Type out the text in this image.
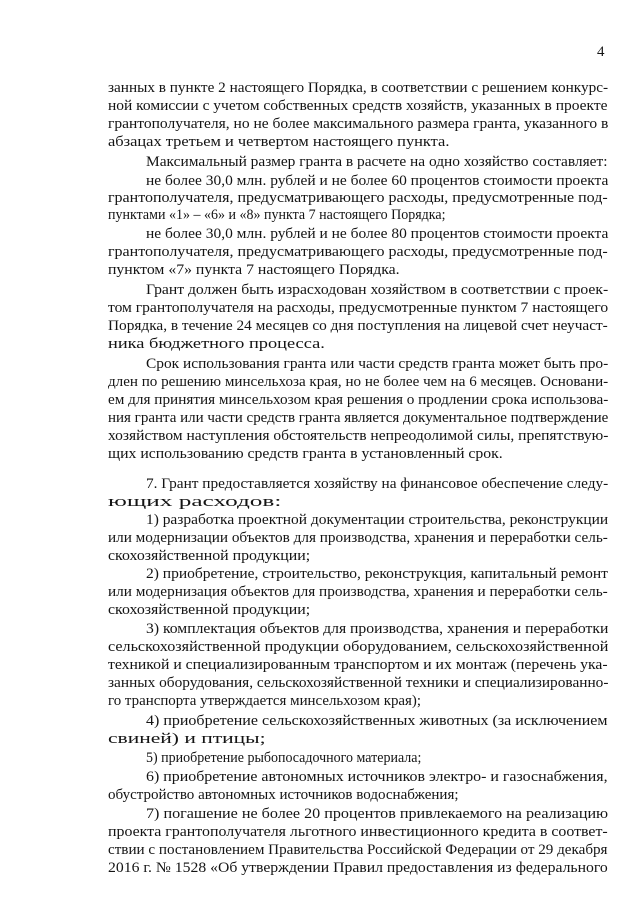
4
занных в пункте 2 настоящего Порядка, в соответствии с решением конкурс-
ной комиссии с учетом собственных средств хозяйств, указанных в проекте
грантополучателя, но не более максимального размера гранта, указанного в
абзацах третьем и четвертом настоящего пункта.
Максимальный размер гранта в расчете на одно хозяйство составляет:
не более 30,0 млн. рублей и не более 60 процентов стоимости проекта
грантополучателя, предусматривающего расходы, предусмотренные под-
пунктами «1» – «6» и «8» пункта 7 настоящего Порядка;
не более 30,0 млн. рублей и не более 80 процентов стоимости проекта
грантополучателя, предусматривающего расходы, предусмотренные под-
пунктом «7» пункта 7 настоящего Порядка.
Грант должен быть израсходован хозяйством в соответствии с проек-
том грантополучателя на расходы, предусмотренные пунктом 7 настоящего
Порядка, в течение 24 месяцев со дня поступления на лицевой счет неучаст-
ника бюджетного процесса.
Срок использования гранта или части средств гранта может быть про-
длен по решению минсельхоза края, но не более чем на 6 месяцев. Основани-
ем для принятия минсельхозом края решения о продлении срока использова-
ния гранта или части средств гранта является документальное подтверждение
хозяйством наступления обстоятельств непреодолимой силы, препятствую-
щих использованию средств гранта в установленный срок.
7. Грант предоставляется хозяйству на финансовое обеспечение следу-
ющих расходов:
1) разработка проектной документации строительства, реконструкции
или модернизации объектов для производства, хранения и переработки сель-
скохозяйственной продукции;
2) приобретение, строительство, реконструкция, капитальный ремонт
или модернизация объектов для производства, хранения и переработки сель-
скохозяйственной продукции;
3) комплектация объектов для производства, хранения и переработки
сельскохозяйственной продукции оборудованием, сельскохозяйственной
техникой и специализированным транспортом и их монтаж (перечень ука-
занных оборудования, сельскохозяйственной техники и специализированно-
го транспорта утверждается минсельхозом края);
4) приобретение сельскохозяйственных животных (за исключением
свиней) и птицы;
5) приобретение рыбопосадочного материала;
6) приобретение автономных источников электро- и газоснабжения,
обустройство автономных источников водоснабжения;
7) погашение не более 20 процентов привлекаемого на реализацию
проекта грантополучателя льготного инвестиционного кредита в соответ-
ствии с постановлением Правительства Российской Федерации от 29 декабря
2016 г. № 1528 «Об утверждении Правил предоставления из федерального
